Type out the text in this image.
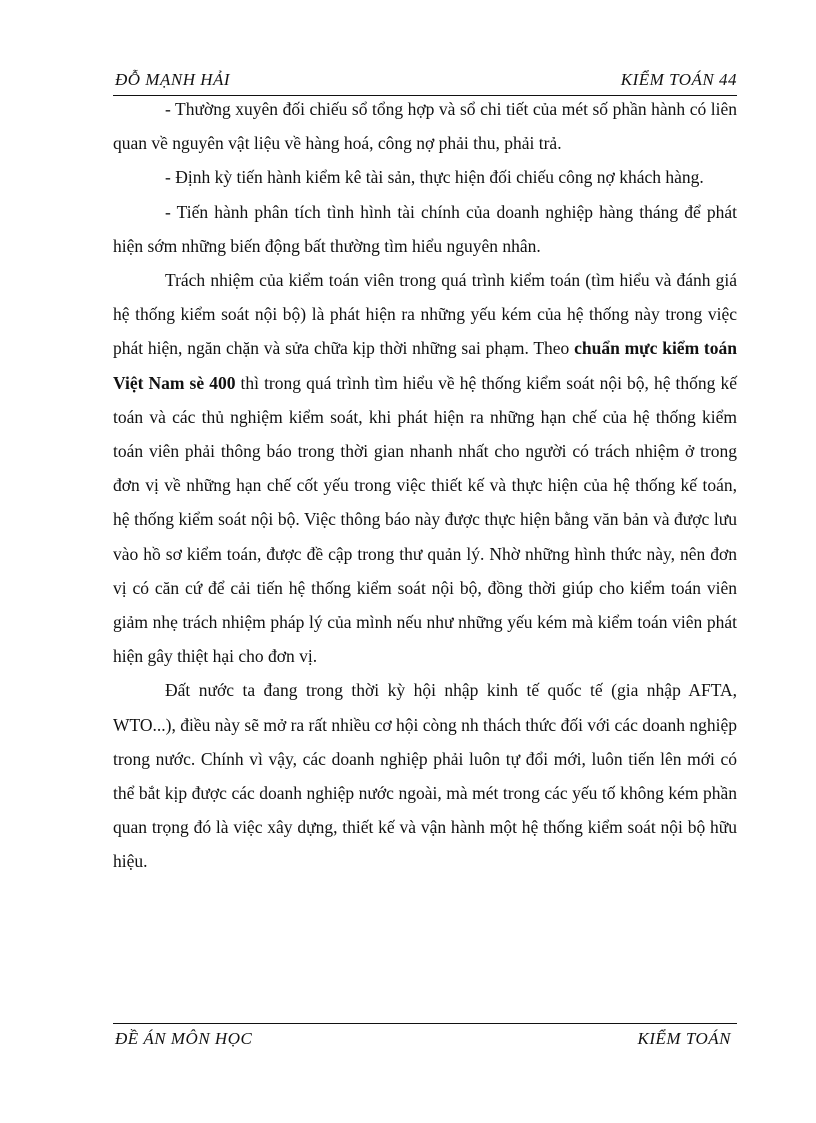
ĐỖ MẠNH HẢI	KIỂM TOÁN 44

- Thường xuyên đối chiếu sổ tổng hợp và sổ chi tiết của mét số phần hành có liên quan về nguyên vật liệu về hàng hoá, công nợ phải thu, phải trả.

- Định kỳ tiến hành kiểm kê tài sản, thực hiện đối chiếu công nợ khách hàng.

- Tiến hành phân tích tình hình tài chính của doanh nghiệp hàng tháng để phát hiện sớm những biến động bất thường tìm hiểu nguyên nhân.

Trách nhiệm của kiểm toán viên trong quá trình kiểm toán (tìm hiểu và đánh giá hệ thống kiểm soát nội bộ) là phát hiện ra những yếu kém của hệ thống này trong việc phát hiện, ngăn chặn và sửa chữa kịp thời những sai phạm. Theo chuẩn mực kiểm toán Việt Nam sè 400 thì trong quá trình tìm hiểu về hệ thống kiểm soát nội bộ, hệ thống kế toán và các thủ nghiệm kiểm soát, khi phát hiện ra những hạn chế của hệ thống kiểm toán viên phải thông báo trong thời gian nhanh nhất cho người có trách nhiệm ở trong đơn vị về những hạn chế cốt yếu trong việc thiết kế và thực hiện của hệ thống kế toán, hệ thống kiểm soát nội bộ. Việc thông báo này được thực hiện bằng văn bản và được lưu vào hồ sơ kiểm toán, được đề cập trong thư quản lý. Nhờ những hình thức này, nên đơn vị có căn cứ để cải tiến hệ thống kiểm soát nội bộ, đồng thời giúp cho kiểm toán viên giảm nhẹ trách nhiệm pháp lý của mình nếu như những yếu kém mà kiểm toán viên phát hiện gây thiệt hại cho đơn vị.

Đất nước ta đang trong thời kỳ hội nhập kinh tế quốc tế (gia nhập AFTA, WTO...), điều này sẽ mở ra rất nhiều cơ hội còng nh thách thức đối với các doanh nghiệp trong nước. Chính vì vậy, các doanh nghiệp phải luôn tự đổi mới, luôn tiến lên mới có thể bắt kịp được các doanh nghiệp nước ngoài, mà mét trong các yếu tố không kém phần quan trọng đó là việc xây dựng, thiết kế và vận hành một hệ thống kiểm soát nội bộ hữu hiệu.

ĐỀ ÁN MÔN HỌC	KIỂM TOÁN
